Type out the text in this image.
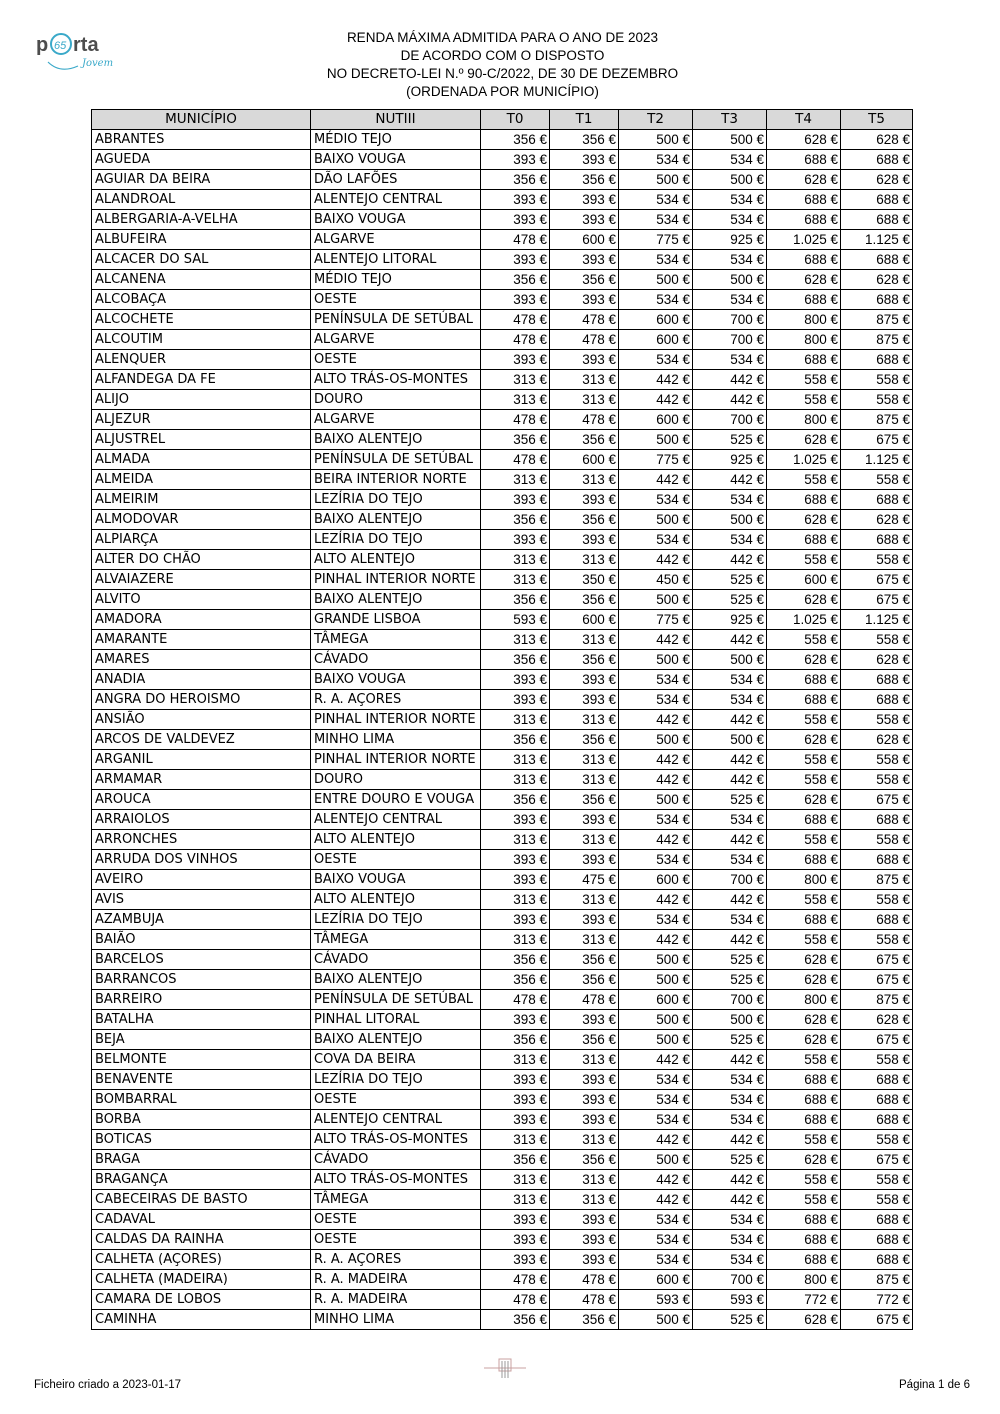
p 65 rta
Jovem
RENDA MÁXIMA ADMITIDA PARA O ANO DE 2023
DE ACORDO COM O DISPOSTO
NO DECRETO-LEI N.º 90-C/2022, DE 30 DE DEZEMBRO
(ORDENADA POR MUNICÍPIO)
MUNICÍPIO	NUTIII	T0	T1	T2	T3	T4	T5
ABRANTES	MÉDIO TEJO	356 €	356 €	500 €	500 €	628 €	628 €
AGUEDA	BAIXO VOUGA	393 €	393 €	534 €	534 €	688 €	688 €
AGUIAR DA BEIRA	DÃO LAFÕES	356 €	356 €	500 €	500 €	628 €	628 €
ALANDROAL	ALENTEJO CENTRAL	393 €	393 €	534 €	534 €	688 €	688 €
ALBERGARIA-A-VELHA	BAIXO VOUGA	393 €	393 €	534 €	534 €	688 €	688 €
ALBUFEIRA	ALGARVE	478 €	600 €	775 €	925 €	1.025 €	1.125 €
ALCACER DO SAL	ALENTEJO LITORAL	393 €	393 €	534 €	534 €	688 €	688 €
ALCANENA	MÉDIO TEJO	356 €	356 €	500 €	500 €	628 €	628 €
ALCOBAÇA	OESTE	393 €	393 €	534 €	534 €	688 €	688 €
ALCOCHETE	PENÍNSULA DE SETÚBAL	478 €	478 €	600 €	700 €	800 €	875 €
ALCOUTIM	ALGARVE	478 €	478 €	600 €	700 €	800 €	875 €
ALENQUER	OESTE	393 €	393 €	534 €	534 €	688 €	688 €
ALFANDEGA DA FE	ALTO TRÁS-OS-MONTES	313 €	313 €	442 €	442 €	558 €	558 €
ALIJO	DOURO	313 €	313 €	442 €	442 €	558 €	558 €
ALJEZUR	ALGARVE	478 €	478 €	600 €	700 €	800 €	875 €
ALJUSTREL	BAIXO ALENTEJO	356 €	356 €	500 €	525 €	628 €	675 €
ALMADA	PENÍNSULA DE SETÚBAL	478 €	600 €	775 €	925 €	1.025 €	1.125 €
ALMEIDA	BEIRA INTERIOR NORTE	313 €	313 €	442 €	442 €	558 €	558 €
ALMEIRIM	LEZÍRIA DO TEJO	393 €	393 €	534 €	534 €	688 €	688 €
ALMODOVAR	BAIXO ALENTEJO	356 €	356 €	500 €	500 €	628 €	628 €
ALPIARÇA	LEZÍRIA DO TEJO	393 €	393 €	534 €	534 €	688 €	688 €
ALTER DO CHÃO	ALTO ALENTEJO	313 €	313 €	442 €	442 €	558 €	558 €
ALVAIAZERE	PINHAL INTERIOR NORTE	313 €	350 €	450 €	525 €	600 €	675 €
ALVITO	BAIXO ALENTEJO	356 €	356 €	500 €	525 €	628 €	675 €
AMADORA	GRANDE LISBOA	593 €	600 €	775 €	925 €	1.025 €	1.125 €
AMARANTE	TÂMEGA	313 €	313 €	442 €	442 €	558 €	558 €
AMARES	CÁVADO	356 €	356 €	500 €	500 €	628 €	628 €
ANADIA	BAIXO VOUGA	393 €	393 €	534 €	534 €	688 €	688 €
ANGRA DO HEROISMO	R. A. AÇORES	393 €	393 €	534 €	534 €	688 €	688 €
ANSIÃO	PINHAL INTERIOR NORTE	313 €	313 €	442 €	442 €	558 €	558 €
ARCOS DE VALDEVEZ	MINHO LIMA	356 €	356 €	500 €	500 €	628 €	628 €
ARGANIL	PINHAL INTERIOR NORTE	313 €	313 €	442 €	442 €	558 €	558 €
ARMAMAR	DOURO	313 €	313 €	442 €	442 €	558 €	558 €
AROUCA	ENTRE DOURO E VOUGA	356 €	356 €	500 €	525 €	628 €	675 €
ARRAIOLOS	ALENTEJO CENTRAL	393 €	393 €	534 €	534 €	688 €	688 €
ARRONCHES	ALTO ALENTEJO	313 €	313 €	442 €	442 €	558 €	558 €
ARRUDA DOS VINHOS	OESTE	393 €	393 €	534 €	534 €	688 €	688 €
AVEIRO	BAIXO VOUGA	393 €	475 €	600 €	700 €	800 €	875 €
AVIS	ALTO ALENTEJO	313 €	313 €	442 €	442 €	558 €	558 €
AZAMBUJA	LEZÍRIA DO TEJO	393 €	393 €	534 €	534 €	688 €	688 €
BAIÃO	TÂMEGA	313 €	313 €	442 €	442 €	558 €	558 €
BARCELOS	CÁVADO	356 €	356 €	500 €	525 €	628 €	675 €
BARRANCOS	BAIXO ALENTEJO	356 €	356 €	500 €	525 €	628 €	675 €
BARREIRO	PENÍNSULA DE SETÚBAL	478 €	478 €	600 €	700 €	800 €	875 €
BATALHA	PINHAL LITORAL	393 €	393 €	500 €	500 €	628 €	628 €
BEJA	BAIXO ALENTEJO	356 €	356 €	500 €	525 €	628 €	675 €
BELMONTE	COVA DA BEIRA	313 €	313 €	442 €	442 €	558 €	558 €
BENAVENTE	LEZÍRIA DO TEJO	393 €	393 €	534 €	534 €	688 €	688 €
BOMBARRAL	OESTE	393 €	393 €	534 €	534 €	688 €	688 €
BORBA	ALENTEJO CENTRAL	393 €	393 €	534 €	534 €	688 €	688 €
BOTICAS	ALTO TRÁS-OS-MONTES	313 €	313 €	442 €	442 €	558 €	558 €
BRAGA	CÁVADO	356 €	356 €	500 €	525 €	628 €	675 €
BRAGANÇA	ALTO TRÁS-OS-MONTES	313 €	313 €	442 €	442 €	558 €	558 €
CABECEIRAS DE BASTO	TÂMEGA	313 €	313 €	442 €	442 €	558 €	558 €
CADAVAL	OESTE	393 €	393 €	534 €	534 €	688 €	688 €
CALDAS DA RAINHA	OESTE	393 €	393 €	534 €	534 €	688 €	688 €
CALHETA (AÇORES)	R. A. AÇORES	393 €	393 €	534 €	534 €	688 €	688 €
CALHETA (MADEIRA)	R. A. MADEIRA	478 €	478 €	600 €	700 €	800 €	875 €
CAMARA DE LOBOS	R. A. MADEIRA	478 €	478 €	593 €	593 €	772 €	772 €
CAMINHA	MINHO LIMA	356 €	356 €	500 €	525 €	628 €	675 €
Ficheiro criado a 2023-01-17	Página 1 de 6
